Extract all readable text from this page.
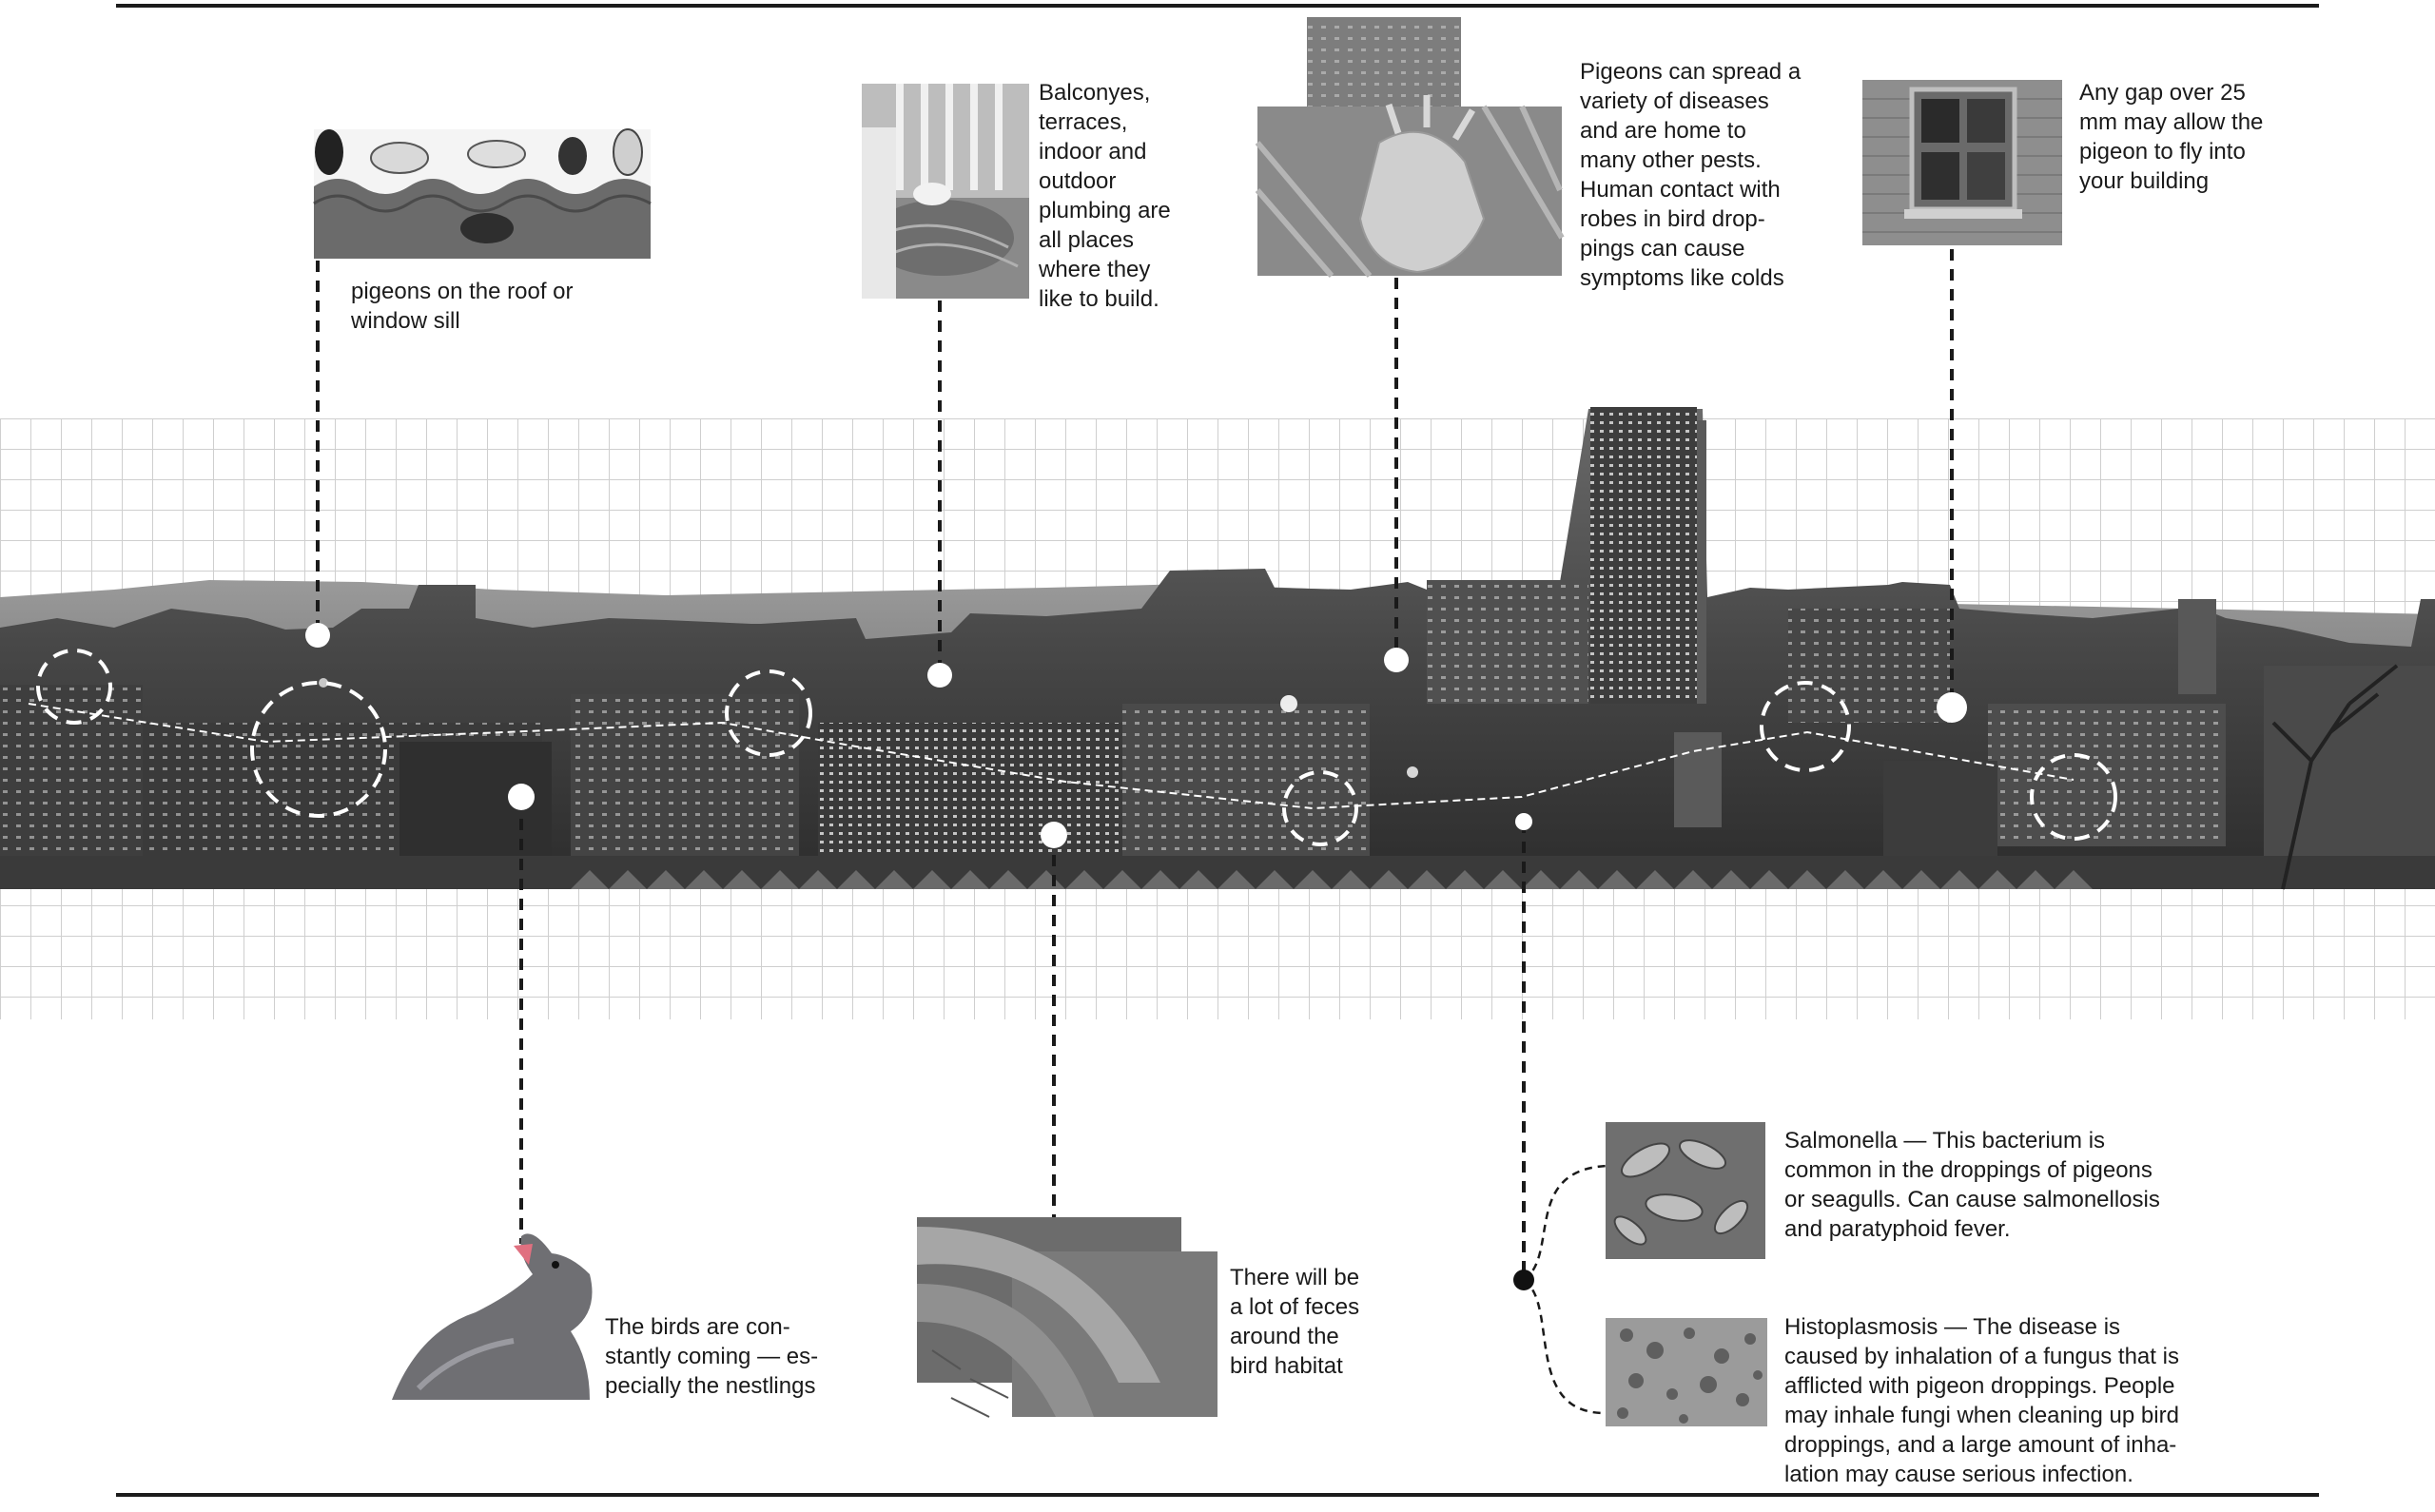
pigeons on the roof or
window sill
Balconyes,
terraces,
indoor and
outdoor
plumbing are
all places
where they
like to build.
Pigeons can spread a
variety of diseases
and are home to
many other pests.
Human contact with
robes in bird drop-
pings can cause
symptoms like colds
Any gap over 25
mm may allow the
pigeon to fly into
your building
The birds are con-
stantly coming — es-
pecially the nestlings
There will be
a lot of feces
around the
bird habitat
Salmonella — This bacterium is
common in the droppings of pigeons
or seagulls. Can cause salmonellosis
and paratyphoid fever.
Histoplasmosis — The disease is
caused by inhalation of a fungus that is
afflicted with pigeon droppings. People
may inhale fungi when cleaning up bird
droppings, and a large amount of inha-
lation may cause serious infection.
